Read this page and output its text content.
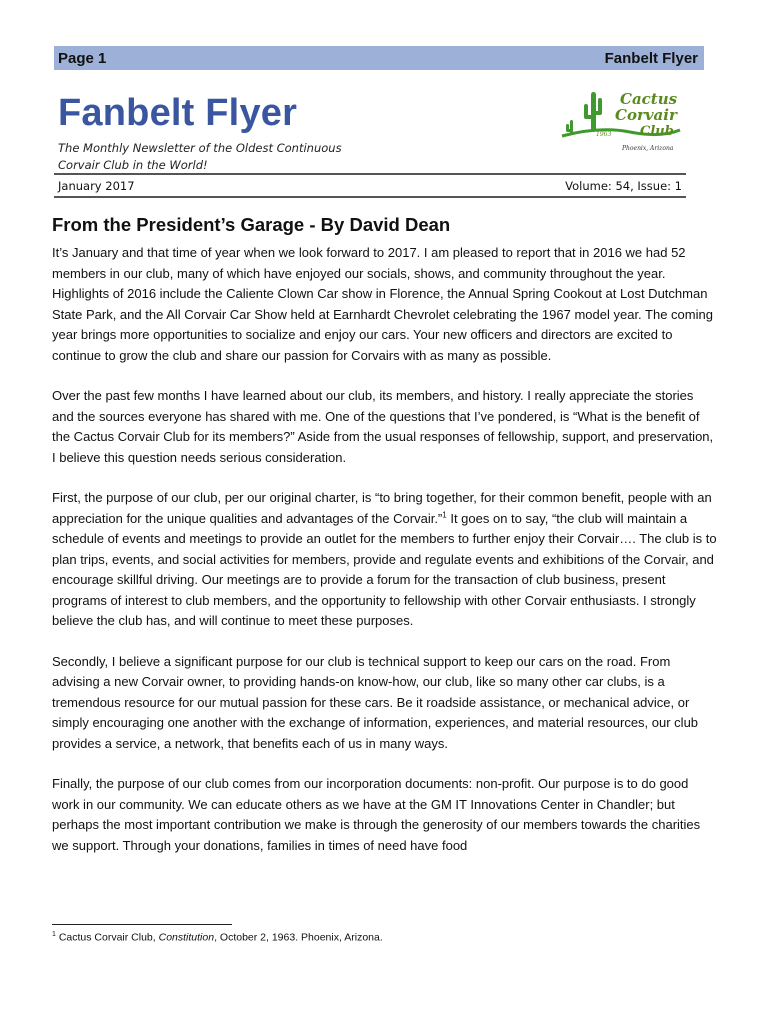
Page 1	Fanbelt Flyer
Fanbelt Flyer
The Monthly Newsletter of the Oldest Continuous
Corvair Club in the World!
Cactus
Corvair
Club
1963
Phoenix, Arizona
January 2017	Volume: 54, Issue: 1
From the President’s Garage - By David Dean

It’s January and that time of year when we look forward to 2017. I am pleased to report that in 2016 we had 52 members in our club, many of which have enjoyed our socials, shows, and community throughout the year. Highlights of 2016 include the Caliente Clown Car show in Florence, the Annual Spring Cookout at Lost Dutchman State Park, and the All Corvair Car Show held at Earnhardt Chevrolet celebrating the 1967 model year. The coming year brings more opportunities to socialize and enjoy our cars. Your new officers and directors are excited to continue to grow the club and share our passion for Corvairs with as many as possible.

Over the past few months I have learned about our club, its members, and history. I really appreciate the stories and the sources everyone has shared with me. One of the questions that I’ve pondered, is “What is the benefit of the Cactus Corvair Club for its members?” Aside from the usual responses of fellowship, support, and preservation, I believe this question needs serious consideration.

First, the purpose of our club, per our original charter, is “to bring together, for their common benefit, people with an appreciation for the unique qualities and advantages of the Corvair.”$^1$ It goes on to say, “the club will maintain a schedule of events and meetings to provide an outlet for the members to further enjoy their Corvair…. The club is to plan trips, events, and social activities for members, provide and regulate events and exhibitions of the Corvair, and encourage skillful driving. Our meetings are to provide a forum for the transaction of club business, present programs of interest to club members, and the opportunity to fellowship with other Corvair enthusiasts. I strongly believe the club has, and will continue to meet these purposes.

Secondly, I believe a significant purpose for our club is technical support to keep our cars on the road. From advising a new Corvair owner, to providing hands-on know-how, our club, like so many other car clubs, is a tremendous resource for our mutual passion for these cars. Be it roadside assistance, or mechanical advice, or simply encouraging one another with the exchange of information, experiences, and material resources, our club provides a service, a network, that benefits each of us in many ways.

Finally, the purpose of our club comes from our incorporation documents: non-profit. Our purpose is to do good work in our community. We can educate others as we have at the GM IT Innovations Center in Chandler; but perhaps the most important contribution we make is through the generosity of our members towards the charities we support. Through your donations, families in times of need have food

$^1$ Cactus Corvair Club, Constitution, October 2, 1963. Phoenix, Arizona.
